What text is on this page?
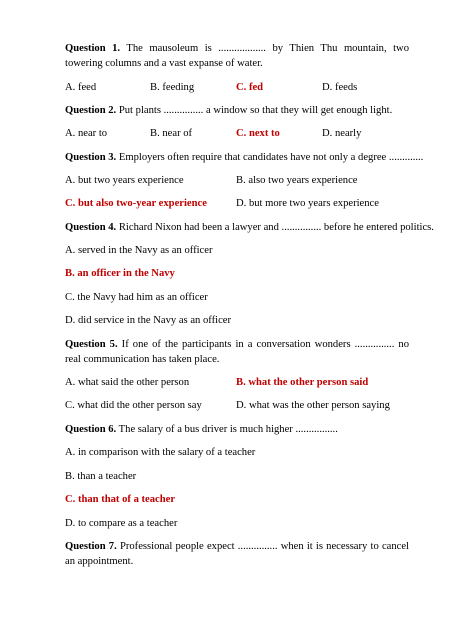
Question 1. The mausoleum is .................. by Thien Thu mountain, two towering columns and a vast expanse of water.
A. feed	B. feeding	C. fed	D. feeds
Question 2. Put plants ............... a window so that they will get enough light.
A. near to	B. near of	C. next to	D. nearly
Question 3. Employers often require that candidates have not only a degree .............
A. but two years experience	B. also two years experience
C. but also two-year experience	D. but more two years experience
Question 4. Richard Nixon had been a lawyer and ............... before he entered politics.
A. served in the Navy as an officer
B. an officer in the Navy
C. the Navy had him as an officer
D. did service in the Navy as an officer
Question 5. If one of the participants in a conversation wonders ............... no real communication has taken place.
A. what said the other person	B. what the other person said
C. what did the other person say	D. what was the other person saying
Question 6. The salary of a bus driver is much higher ................
A. in comparison with the salary of a teacher
B. than a teacher
C. than that of a teacher
D. to compare as a teacher
Question 7. Professional people expect ............... when it is necessary to cancel an appointment.
